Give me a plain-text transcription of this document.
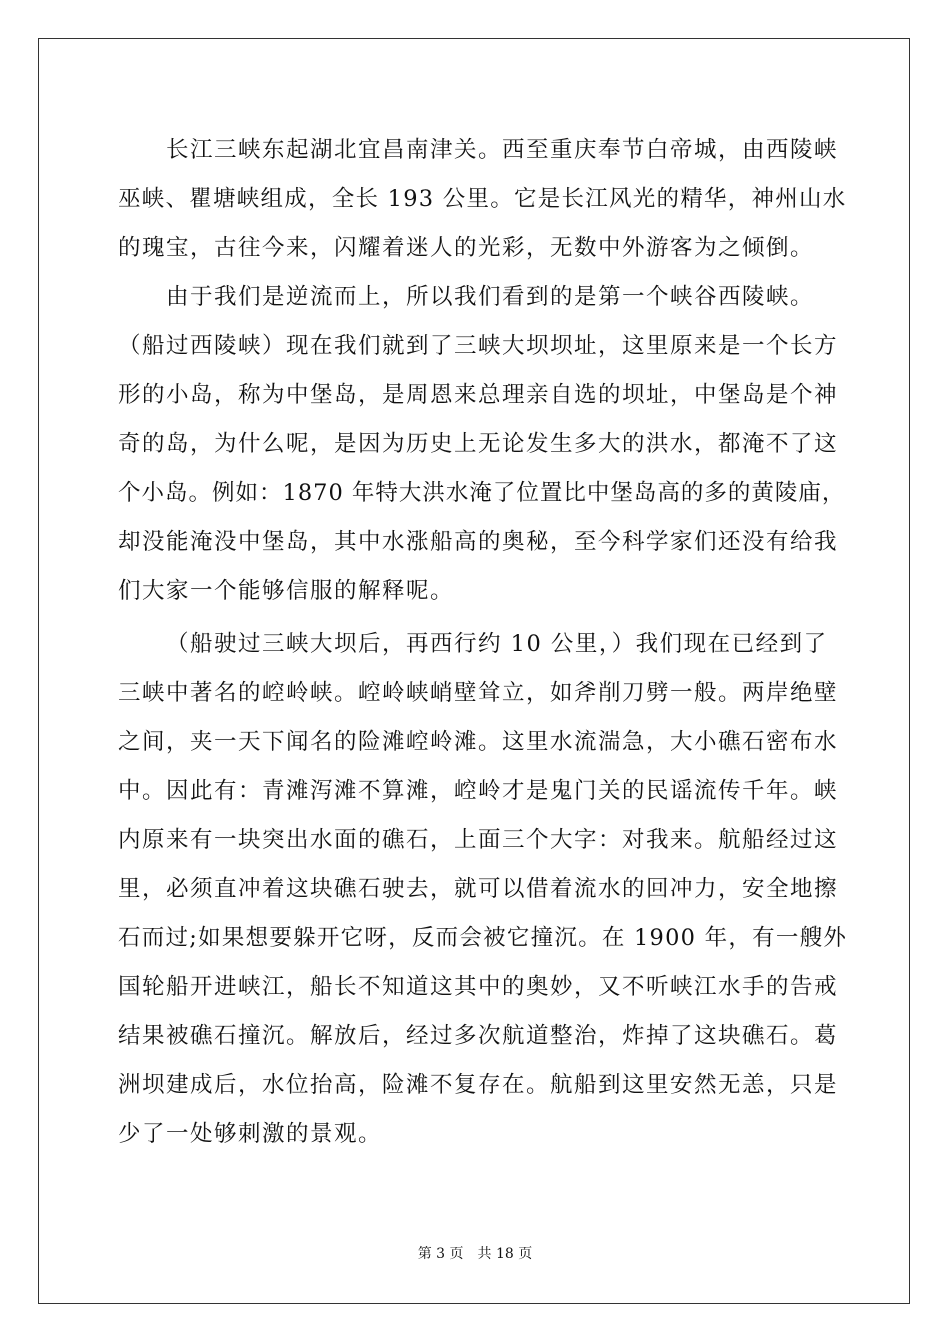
长江三峡东起湖北宜昌南津关。西至重庆奉节白帝城，由西陵峡
巫峡、瞿塘峡组成，全长 193 公里。它是长江风光的精华，神州山水
的瑰宝，古往今来，闪耀着迷人的光彩，无数中外游客为之倾倒。
由于我们是逆流而上，所以我们看到的是第一个峡谷西陵峡。
（船过西陵峡）现在我们就到了三峡大坝坝址，这里原来是一个长方
形的小岛，称为中堡岛，是周恩来总理亲自选的坝址，中堡岛是个神
奇的岛，为什么呢，是因为历史上无论发生多大的洪水，都淹不了这
个小岛。例如：1870 年特大洪水淹了位置比中堡岛高的多的黄陵庙，
却没能淹没中堡岛，其中水涨船高的奥秘，至今科学家们还没有给我
们大家一个能够信服的解释呢。
（船驶过三峡大坝后，再西行约 10 公里，）我们现在已经到了
三峡中著名的崆岭峡。崆岭峡峭壁耸立，如斧削刀劈一般。两岸绝壁
之间，夹一天下闻名的险滩崆岭滩。这里水流湍急，大小礁石密布水
中。因此有：青滩泻滩不算滩，崆岭才是鬼门关的民谣流传千年。峡
内原来有一块突出水面的礁石，上面三个大字：对我来。航船经过这
里，必须直冲着这块礁石驶去，就可以借着流水的回冲力，安全地擦
石而过;如果想要躲开它呀，反而会被它撞沉。在 1900 年，有一艘外
国轮船开进峡江，船长不知道这其中的奥妙，又不听峡江水手的告戒
结果被礁石撞沉。解放后，经过多次航道整治，炸掉了这块礁石。葛
洲坝建成后，水位抬高，险滩不复存在。航船到这里安然无恙，只是
少了一处够刺激的景观。
第 3 页 共 18 页
